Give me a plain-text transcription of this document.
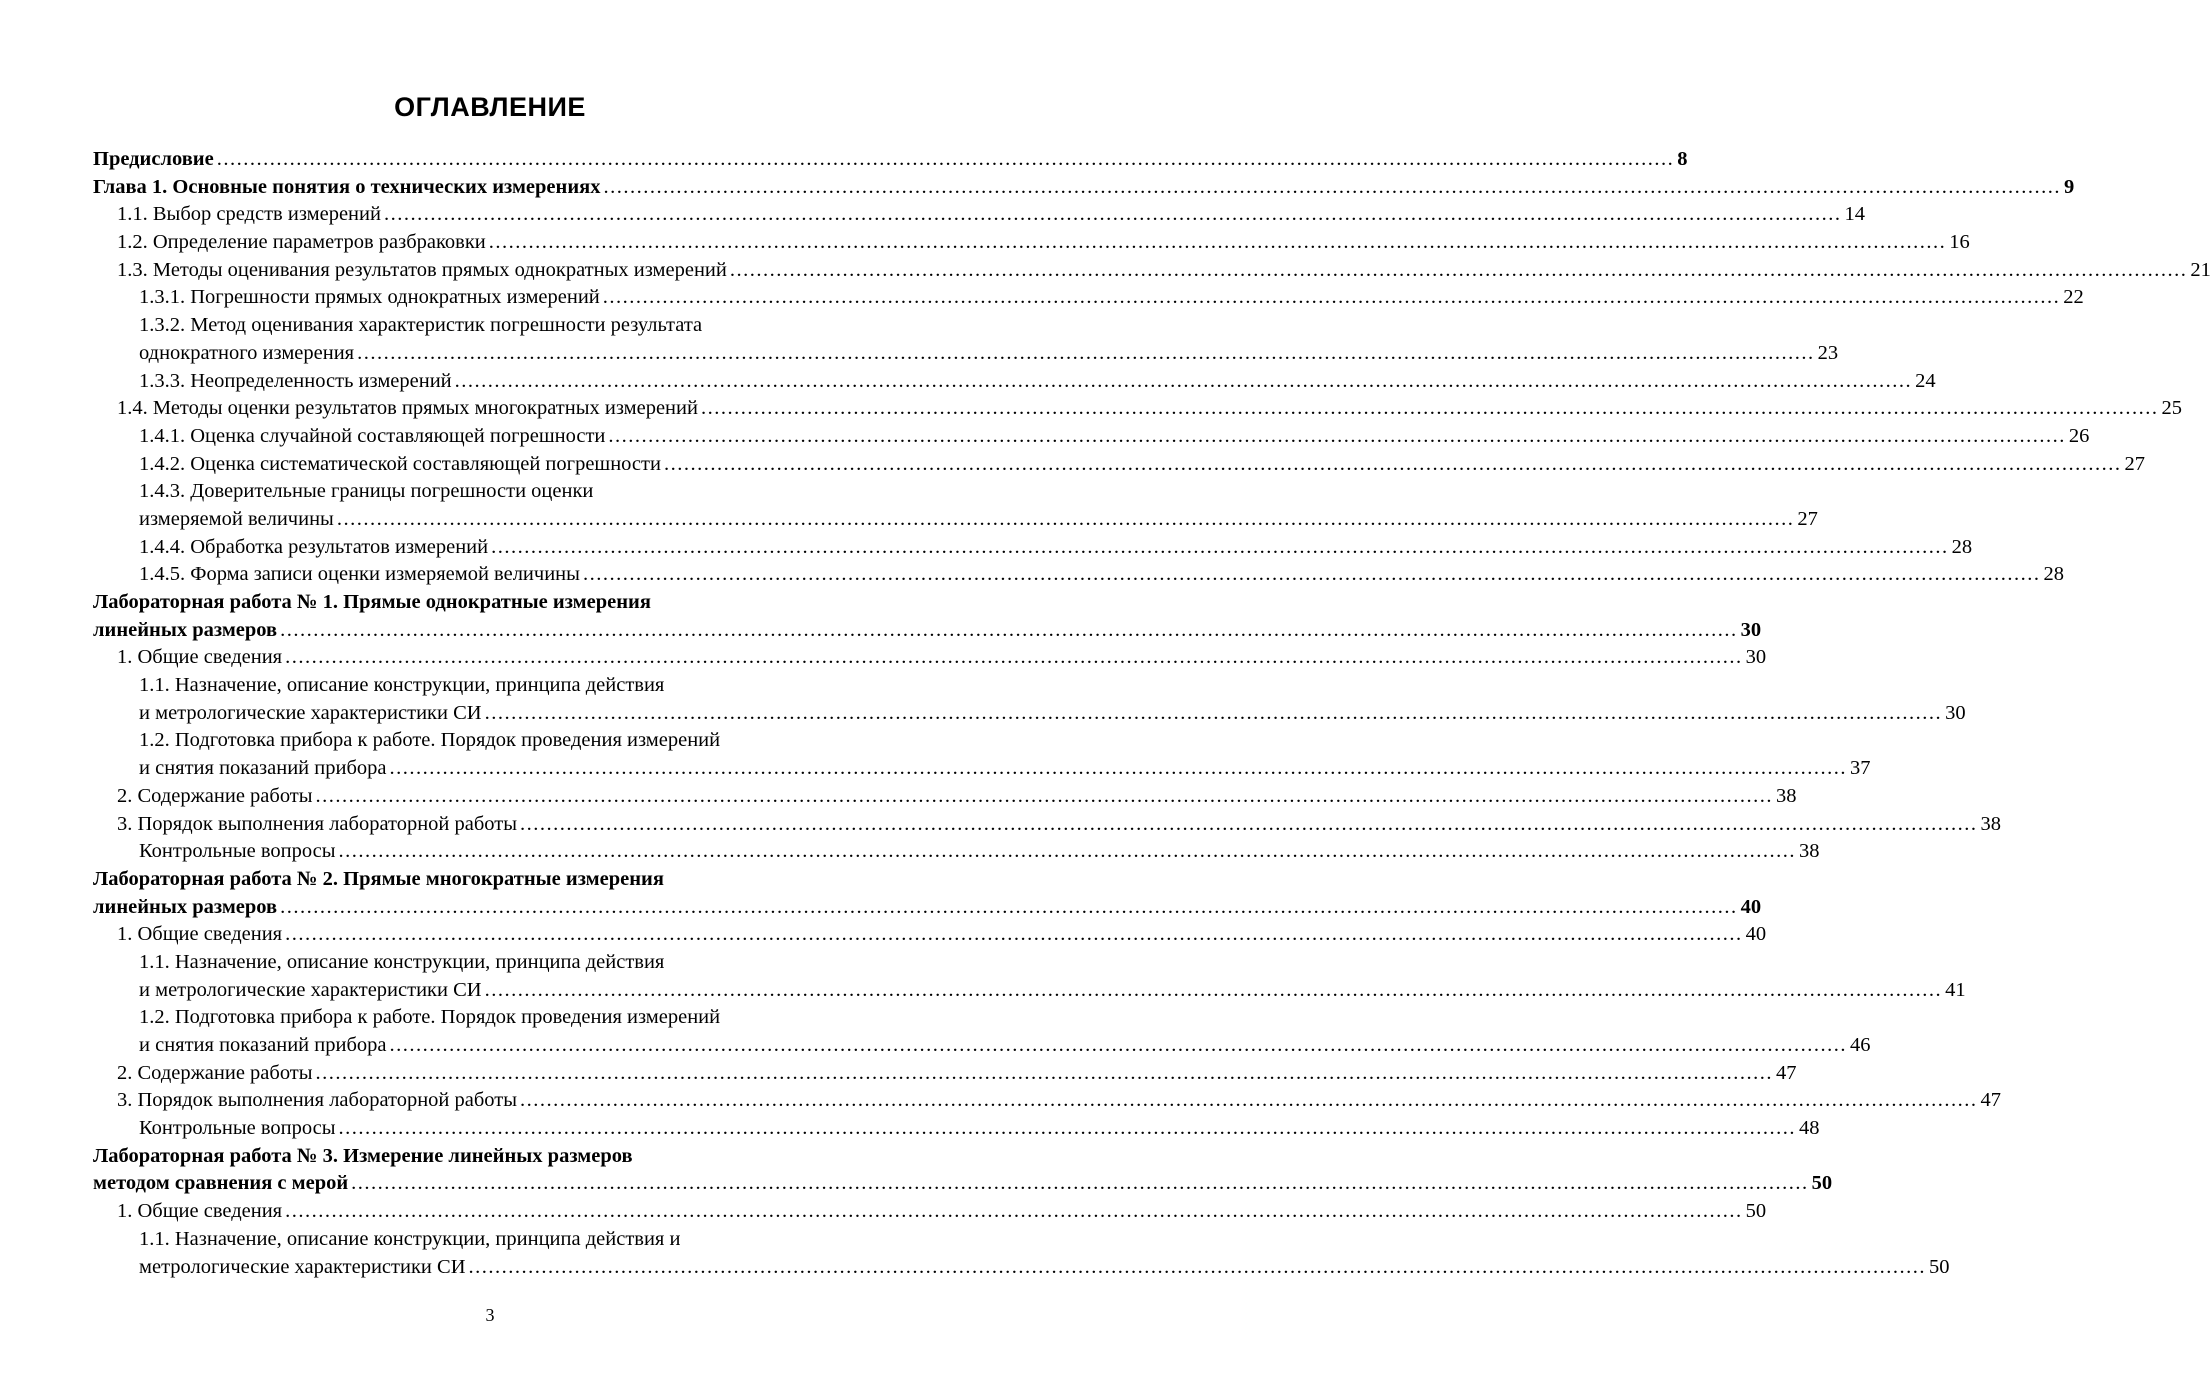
ОГЛАВЛЕНИЕ
Предисловие ............................................................................................................................................................................................................................ 8
Глава 1. Основные понятия о технических измерениях ............................................................................................................................................................................................................................ 9
1.1. Выбор средств измерений ............................................................................................................................................................................................................................ 14
1.2. Определение параметров разбраковки ............................................................................................................................................................................................................................ 16
1.3. Методы оценивания результатов прямых однократных измерений ............................................................................................................................................................................................................................ 21
1.3.1. Погрешности прямых однократных измерений ............................................................................................................................................................................................................................ 22
1.3.2. Метод оценивания характеристик погрешности результата
однократного измерения ............................................................................................................................................................................................................................ 23
1.3.3. Неопределенность измерений ............................................................................................................................................................................................................................ 24
1.4. Методы оценки результатов прямых многократных измерений ............................................................................................................................................................................................................................ 25
1.4.1. Оценка случайной составляющей погрешности ............................................................................................................................................................................................................................ 26
1.4.2. Оценка систематической составляющей погрешности ............................................................................................................................................................................................................................ 27
1.4.3. Доверительные границы погрешности оценки
измеряемой величины ............................................................................................................................................................................................................................ 27
1.4.4. Обработка результатов измерений ............................................................................................................................................................................................................................ 28
1.4.5. Форма записи оценки измеряемой величины ............................................................................................................................................................................................................................ 28
Лабораторная работа № 1. Прямые однократные измерения
линейных размеров ............................................................................................................................................................................................................................ 30
1. Общие сведения ............................................................................................................................................................................................................................ 30
1.1. Назначение, описание конструкции, принципа действия
и метрологические характеристики СИ ............................................................................................................................................................................................................................ 30
1.2. Подготовка прибора к работе. Порядок проведения измерений
и снятия показаний прибора ............................................................................................................................................................................................................................ 37
2. Содержание работы ............................................................................................................................................................................................................................ 38
3. Порядок выполнения лабораторной работы ............................................................................................................................................................................................................................ 38
Контрольные вопросы ............................................................................................................................................................................................................................ 38
Лабораторная работа № 2. Прямые многократные измерения
линейных размеров ............................................................................................................................................................................................................................ 40
1. Общие сведения ............................................................................................................................................................................................................................ 40
1.1. Назначение, описание конструкции, принципа действия
и метрологические характеристики СИ ............................................................................................................................................................................................................................ 41
1.2. Подготовка прибора к работе. Порядок проведения измерений
и снятия показаний прибора ............................................................................................................................................................................................................................ 46
2. Содержание работы ............................................................................................................................................................................................................................ 47
3. Порядок выполнения лабораторной работы ............................................................................................................................................................................................................................ 47
Контрольные вопросы ............................................................................................................................................................................................................................ 48
Лабораторная работа № 3. Измерение линейных размеров
методом сравнения с мерой ............................................................................................................................................................................................................................ 50
1. Общие сведения ............................................................................................................................................................................................................................ 50
1.1. Назначение, описание конструкции, принципа действия и
метрологические характеристики СИ ............................................................................................................................................................................................................................ 50
3
